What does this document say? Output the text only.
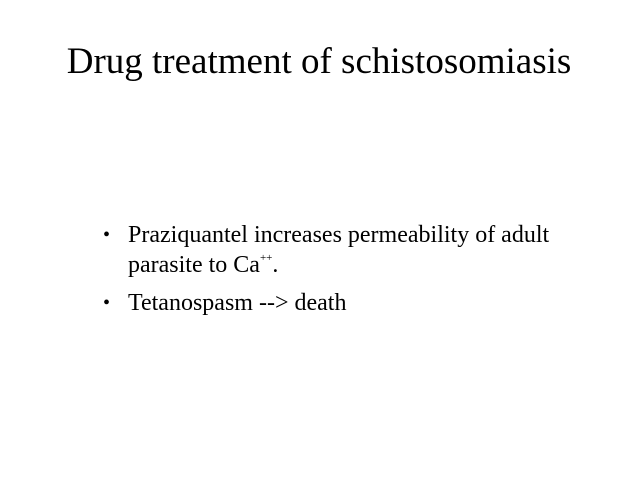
Drug treatment of schistosomiasis
• Praziquantel increases permeability of adult parasite to Ca++.
• Tetanospasm --> death
